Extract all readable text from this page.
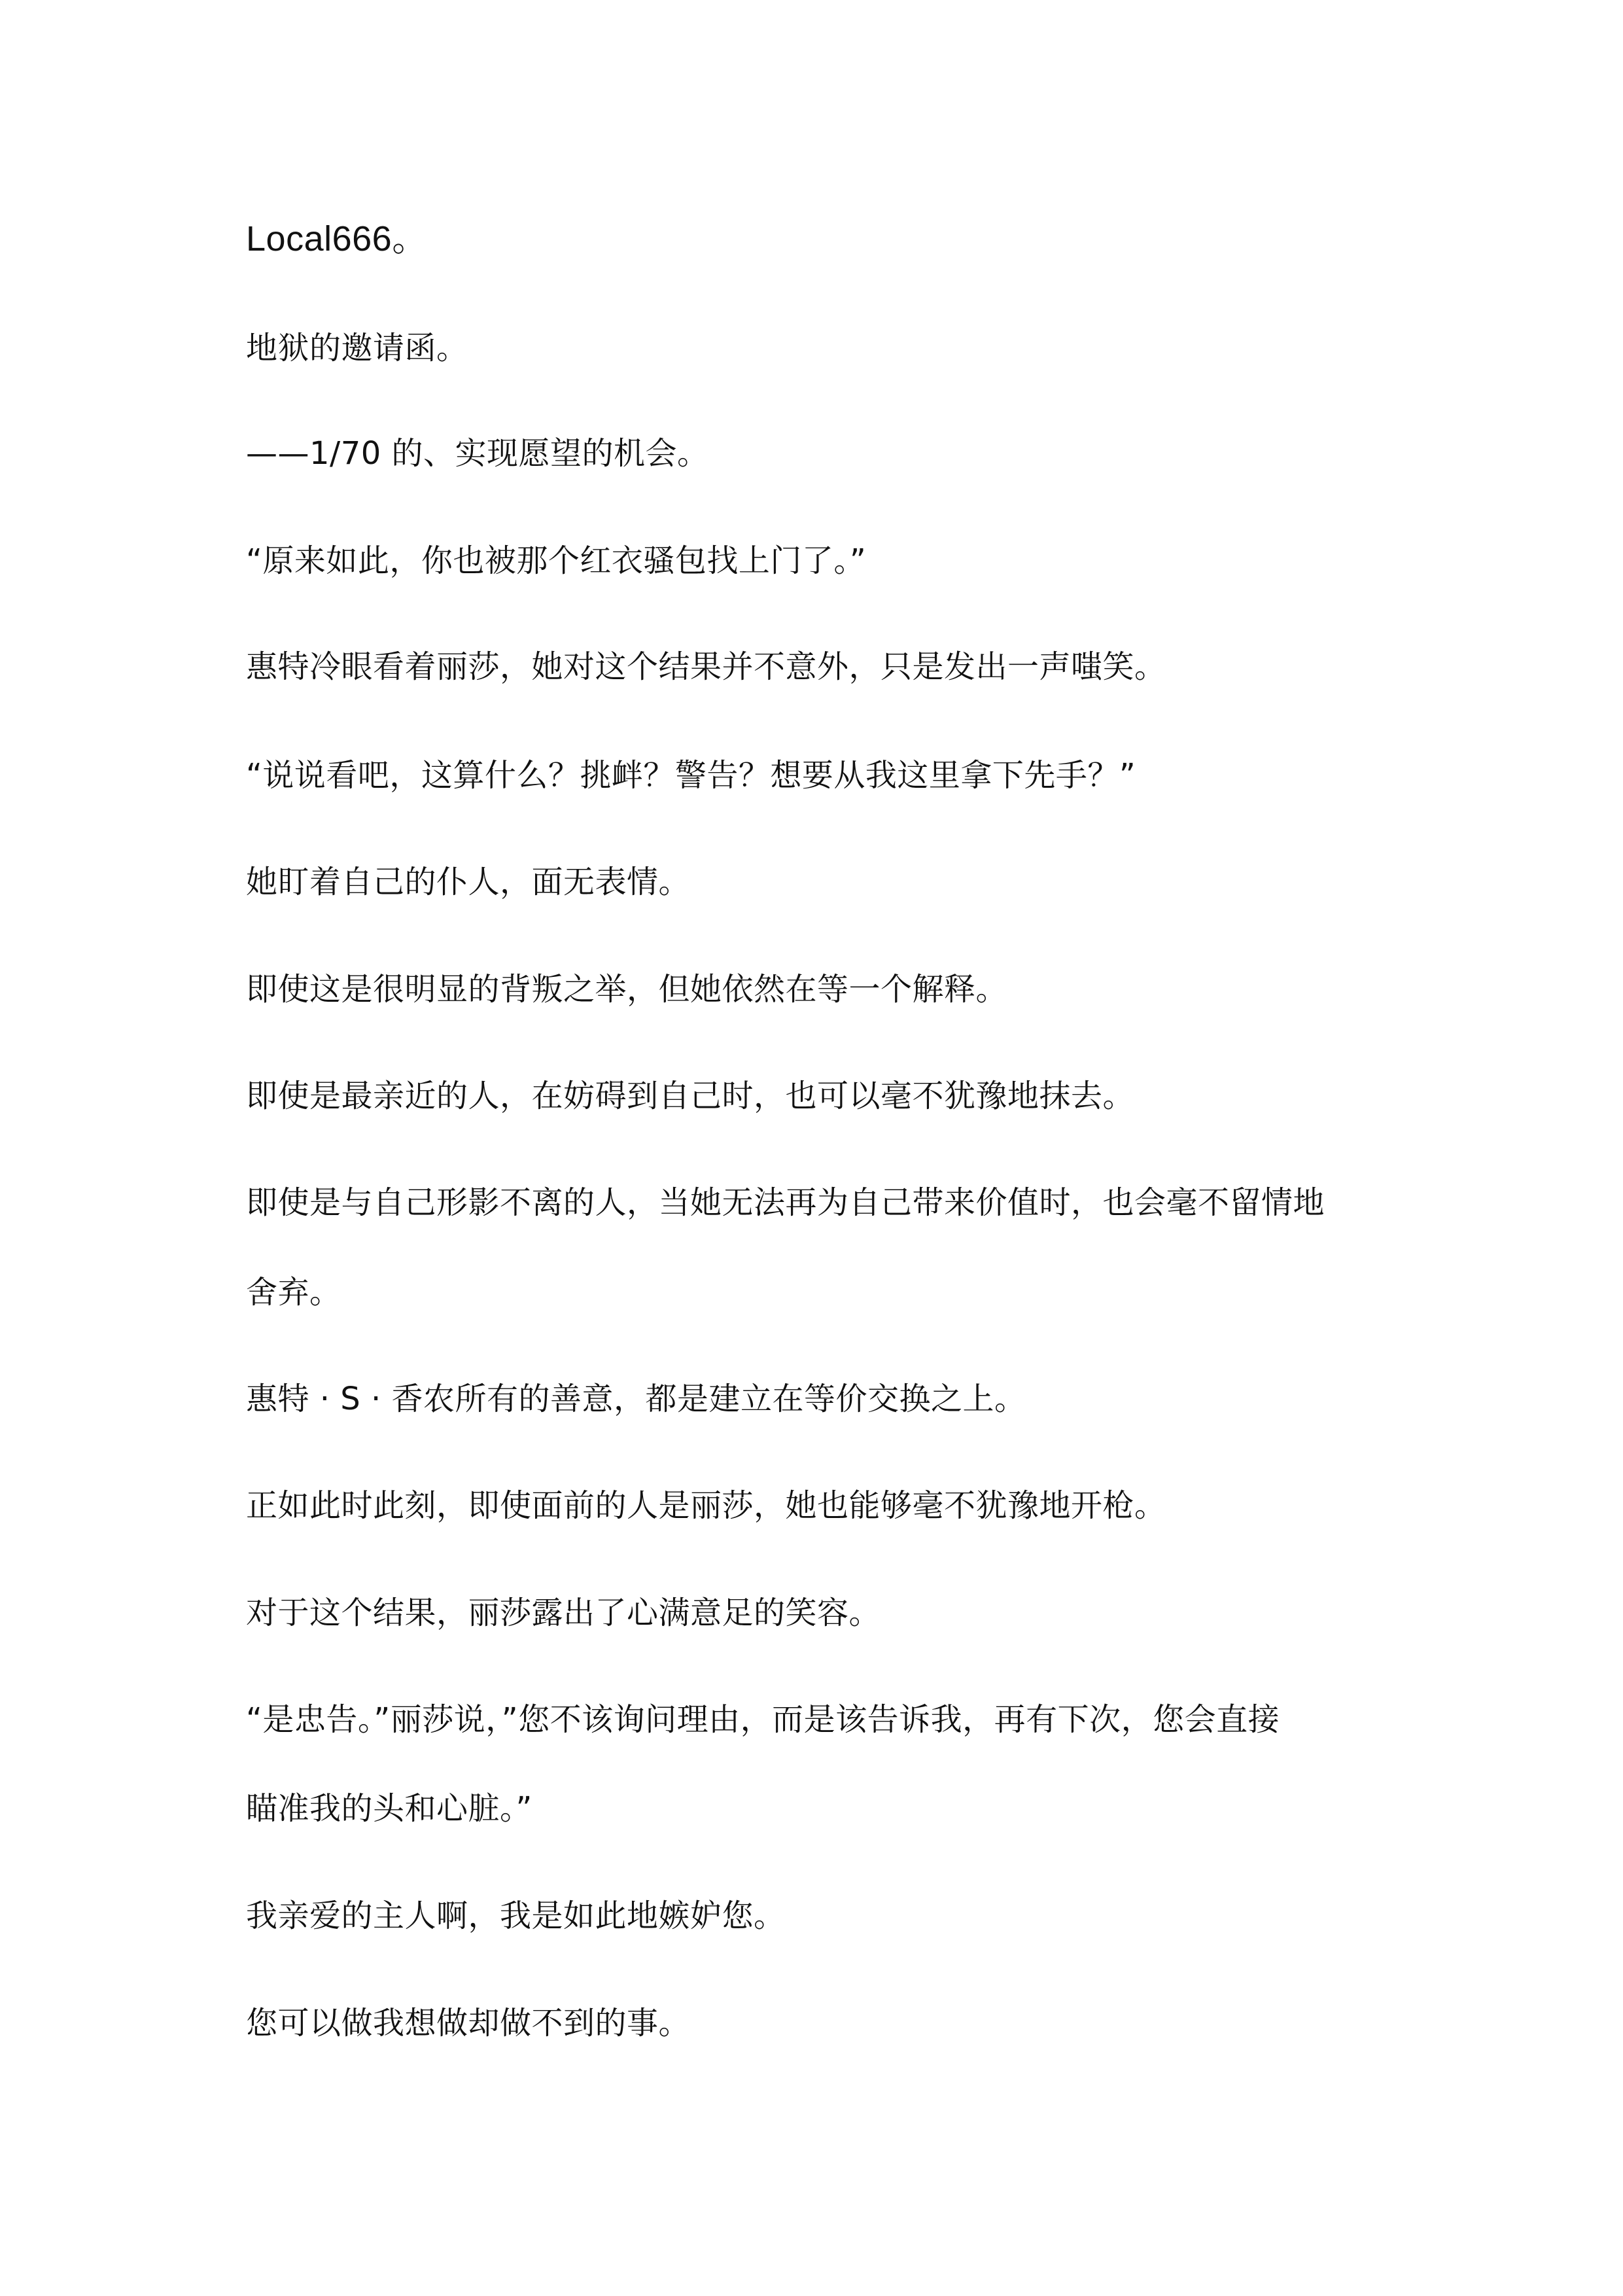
Local666。

地狱的邀请函。

——1/70 的、实现愿望的机会。

“原来如此，你也被那个红衣骚包找上门了。”

惠特冷眼看着丽莎，她对这个结果并不意外，只是发出一声嗤笑。

“说说看吧，这算什么？挑衅？警告？想要从我这里拿下先手？”

她盯着自己的仆人，面无表情。

即使这是很明显的背叛之举，但她依然在等一个解释。

即使是最亲近的人，在妨碍到自己时，也可以毫不犹豫地抹去。

即使是与自己形影不离的人，当她无法再为自己带来价值时，也会毫不留情地

舍弃。

惠特 · S · 香农所有的善意，都是建立在等价交换之上。

正如此时此刻，即使面前的人是丽莎，她也能够毫不犹豫地开枪。

对于这个结果，丽莎露出了心满意足的笑容。

“是忠告。”丽莎说，”您不该询问理由，而是该告诉我，再有下次，您会直接

瞄准我的头和心脏。”

我亲爱的主人啊，我是如此地嫉妒您。

您可以做我想做却做不到的事。
